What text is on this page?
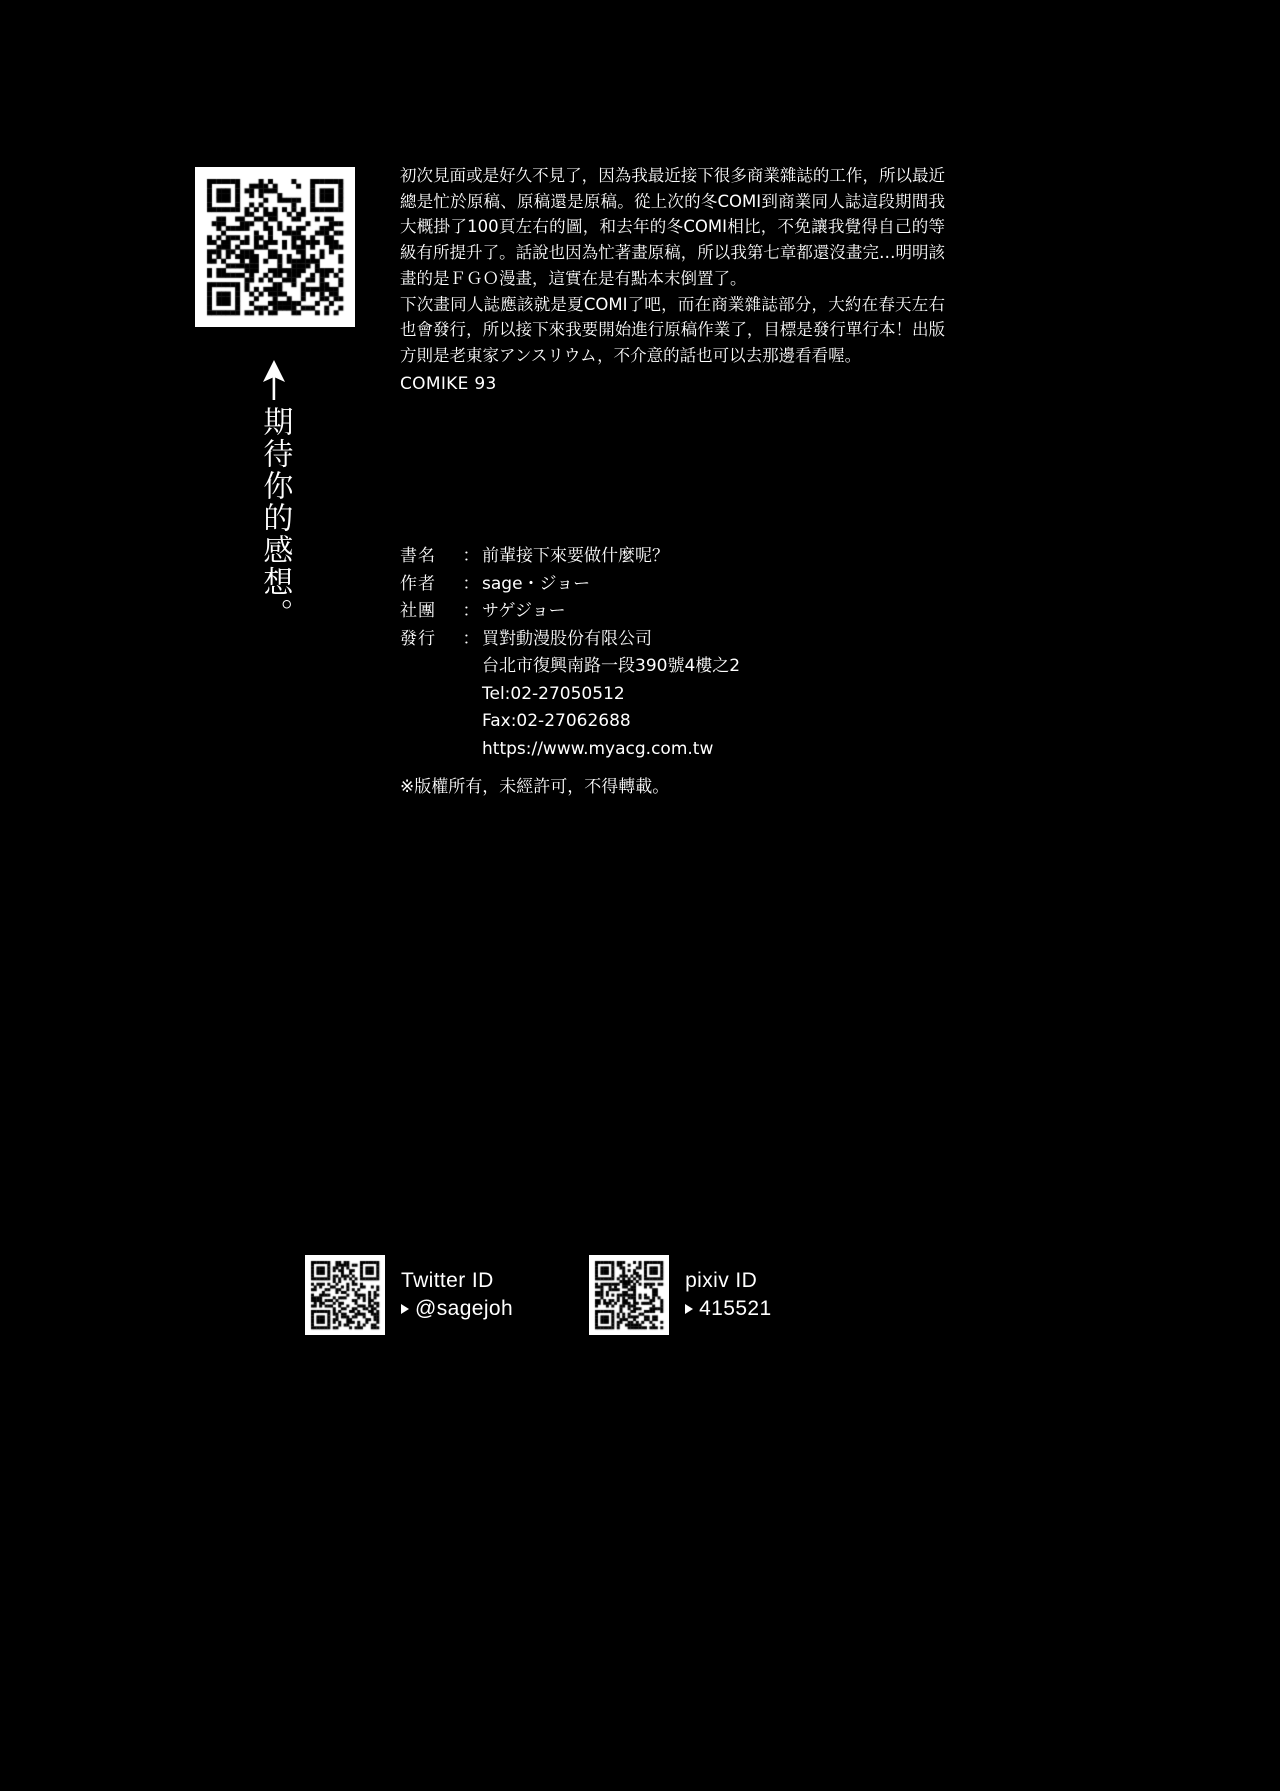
期待你的感想。

初次見面或是好久不見了，因為我最近接下很多商業雜誌的工作，所以最近總是忙於原稿、原稿還是原稿。從上次的冬COMI到商業同人誌這段期間我大概掛了100頁左右的圖，和去年的冬COMI相比，不免讓我覺得自己的等級有所提升了。話說也因為忙著畫原稿，所以我第七章都還沒畫完…明明該畫的是ＦＧＯ漫畫，這實在是有點本末倒置了。

下次畫同人誌應該就是夏COMI了吧，而在商業雜誌部分，大約在春天左右也會發行，所以接下來我要開始進行原稿作業了，目標是發行單行本！出版方則是老東家アンスリウム，不介意的話也可以去那邊看看喔。

COMIKE 93

書名	： 前輩接下來要做什麼呢？
作者	： sage・ジョー
社團	： サゲジョー
發行	： 買對動漫股份有限公司
台北市復興南路一段390號4樓之2
Tel:02-27050512
Fax:02-27062688
https://www.myacg.com.tw
※版權所有，未經許可，不得轉載。
Twitter ID
@sagejoh
pixiv ID
415521
